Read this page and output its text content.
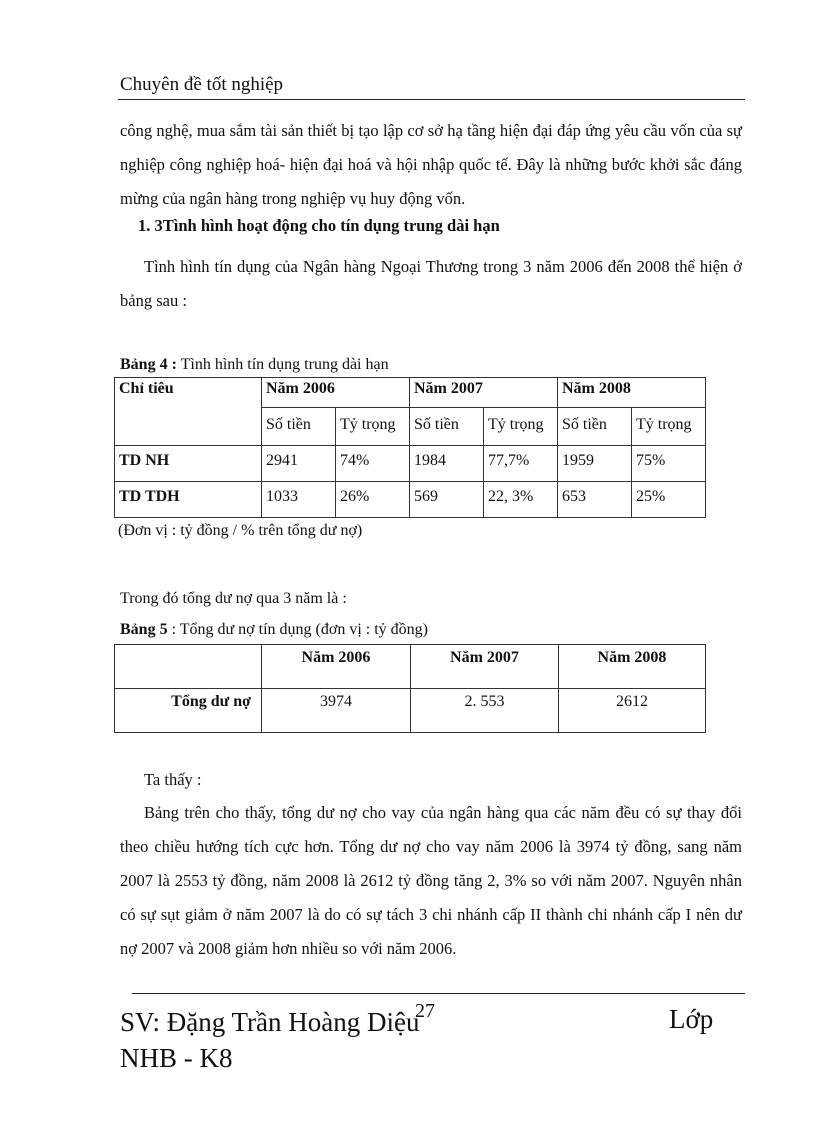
Chuyên đề tốt nghiệp
công nghệ, mua sắm tài sản thiết bị tạo lập cơ sở hạ tầng hiện đại đáp ứng yêu cầu vốn của sự nghiệp công nghiệp hoá- hiện đại hoá và hội nhập quốc tế. Đây là những bước khởi sắc đáng mừng của ngân hàng trong nghiệp vụ huy động vốn.
1. 3Tình hình hoạt động cho tín dụng trung dài hạn
Tình hình tín dụng của Ngân hàng Ngoại Thương trong 3 năm 2006 đến 2008 thể hiện ở bảng sau :
Bảng 4 : Tình hình tín dụng trung dài hạn
Chỉ tiêu	Năm 2006		Năm 2007		Năm 2008	
	Số tiền	Tỷ trọng	Số tiền	Tỷ trọng	Số tiền	Tỷ trọng
TD NH	2941	74%	1984	77,7%	1959	75%
TD TDH	1033	26%	569	22, 3%	653	25%
(Đơn vị : tỷ đồng / % trên tổng dư nợ)
Trong đó tổng dư nợ qua 3 năm là :
Bảng 5 : Tổng dư nợ tín dụng (đơn vị : tỷ đồng)
	Năm 2006	Năm 2007	Năm 2008
Tổng dư nợ	3974	2. 553	2612
Ta thấy :
Bảng trên cho thấy, tổng dư nợ cho vay của ngân hàng qua các năm đều có sự thay đổi theo chiều hướng tích cực hơn. Tổng dư nợ cho vay năm 2006 là 3974 tỷ đồng, sang năm 2007 là 2553 tỷ đồng, năm 2008 là 2612 tỷ đồng tăng 2, 3% so với năm 2007. Nguyên nhân có sự sụt giảm ở năm 2007 là do có sự tách 3 chi nhánh cấp II thành chi nhánh cấp I nên dư nợ 2007 và 2008 giảm hơn nhiều so với năm 2006.
SV: Đặng Trần Hoàng Diệu
NHB - K8
27	Lớp
